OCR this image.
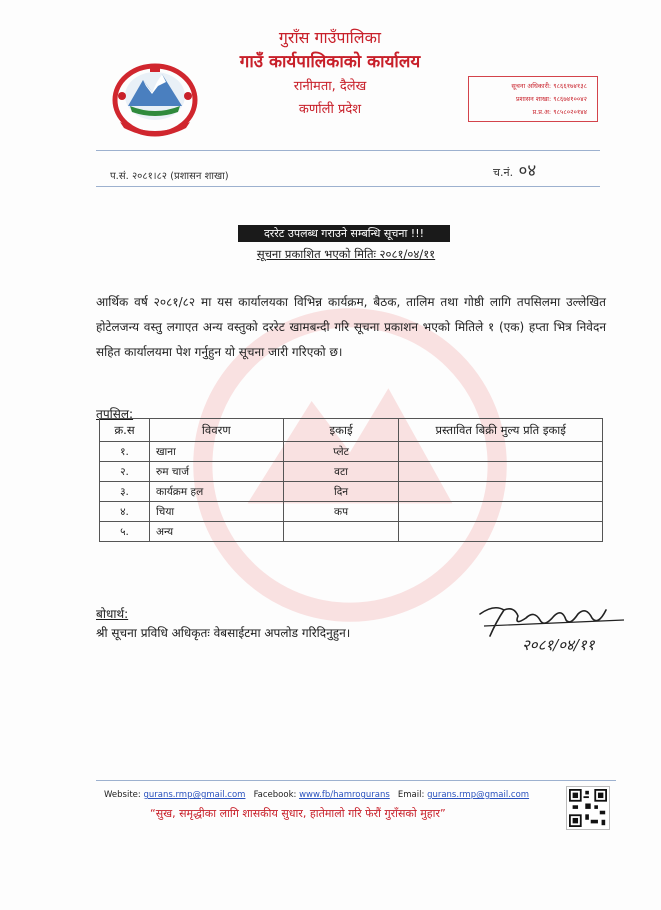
गुराँस गाउँपालिका
गाउँ कार्यपालिकाको कार्यालय
रानीमता, दैलेख
कर्णाली प्रदेश
सूचना अधिकारी: ९८६६१७४१३८
प्रशासन शाखा: ९८६७४१००४२
प्र.प्र.अ: ९८५८०२०१४४
प.सं. २०८१।८२ (प्रशासन शाखा)	च.नं. ०४
दररेट उपलब्ध गराउने सम्बन्धि सूचना !!!
सूचना प्रकाशित भएको मितिः २०८१/०४/११
आर्थिक वर्ष २०८१/८२ मा यस कार्यालयका विभिन्न कार्यक्रम, बैठक, तालिम तथा गोष्ठी लागि तपसिलमा उल्लेखित होटेलजन्य वस्तु लगाएत अन्य वस्तुको दररेट खामबन्दी गरि सूचना प्रकाशन भएको मितिले १ (एक) हप्ता भित्र निवेदन सहित कार्यालयमा पेश गर्नुहुन यो सूचना जारी गरिएको छ।
तपसिल:
क्र.स	विवरण	इकाई	प्रस्तावित बिक्री मुल्य प्रति इकाई
१.	खाना	प्लेट	
२.	रुम चार्ज	वटा	
३.	कार्यक्रम हल	दिन	
४.	चिया	कप	
५.	अन्य		
बोधार्थ:
श्री सूचना प्रविधि अधिकृतः वेबसाईटमा अपलोड गरिदिनुहुन।
२०८१/०४/११
Website: gurans.rmp@gmail.com Facebook: www.fb/hamrogurans Email: gurans.rmp@gmail.com
“सुख, समृद्धीका लागि शासकीय सुधार, हातेमालो गरि फेरौं गुराँसको मुहार”
